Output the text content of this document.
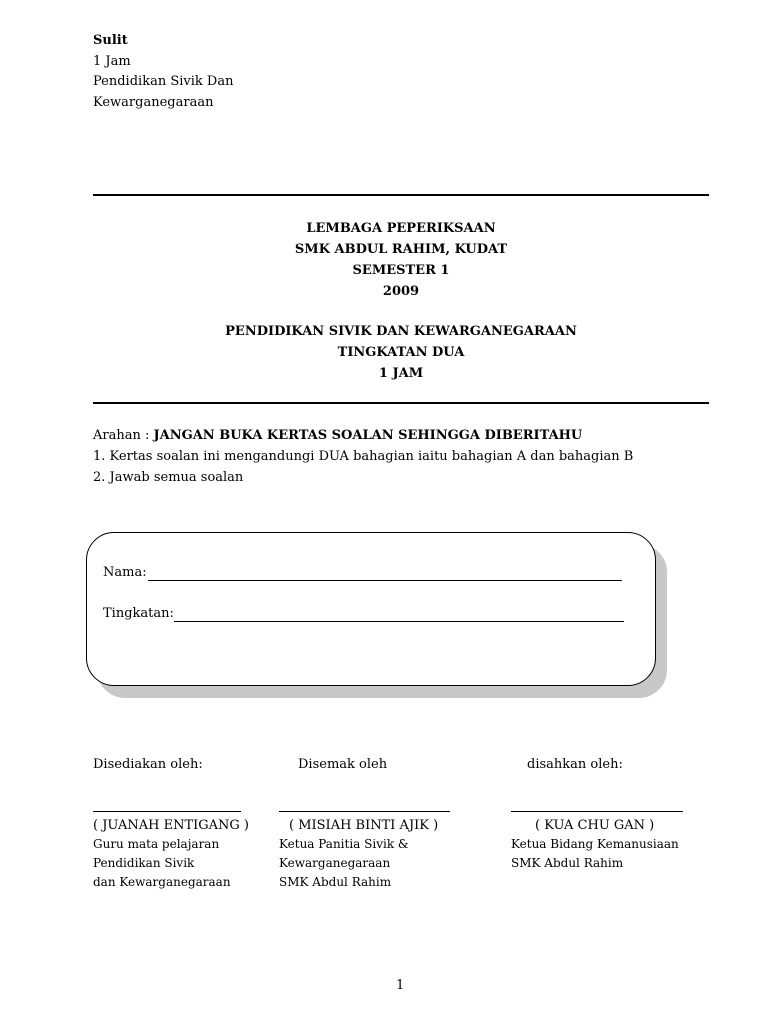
Sulit
1 Jam
Pendidikan Sivik Dan
Kewarganegaraan
LEMBAGA PEPERIKSAAN
SMK ABDUL RAHIM, KUDAT
SEMESTER 1
2009
PENDIDIKAN SIVIK DAN KEWARGANEGARAAN
TINGKATAN DUA
1 JAM
Arahan : JANGAN BUKA KERTAS SOALAN SEHINGGA DIBERITAHU
1. Kertas soalan ini mengandungi DUA bahagian iaitu bahagian A dan bahagian B
2. Jawab semua soalan
Nama:
Tingkatan:
Disediakan oleh:	Disemak oleh	disahkan oleh:
( JUANAH ENTIGANG )
Guru mata pelajaran
Pendidikan Sivik
dan Kewarganegaraan
( MISIAH BINTI AJIK )
Ketua Panitia Sivik &
Kewarganegaraan
SMK Abdul Rahim
( KUA CHU GAN )
Ketua Bidang Kemanusiaan
SMK Abdul Rahim
1
